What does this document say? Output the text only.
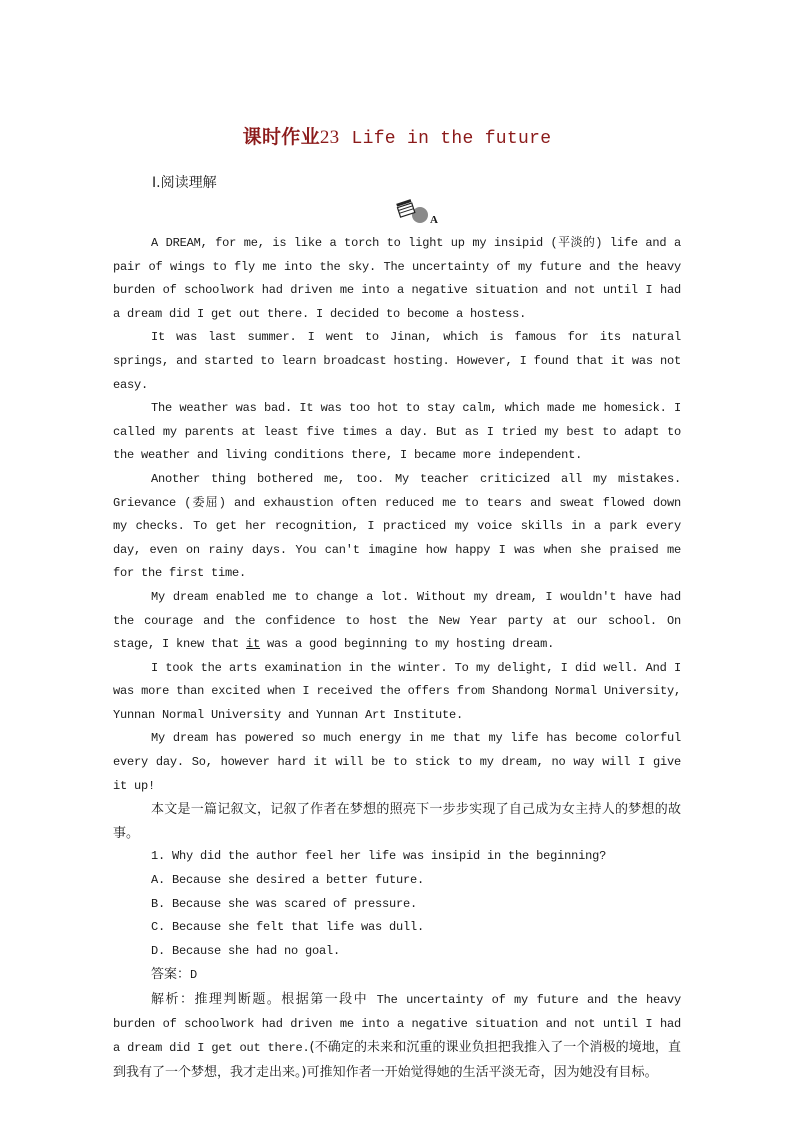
课时作业23 Life in the future
Ⅰ.阅读理解
A

A DREAM, for me, is like a torch to light up my insipid (平淡的) life and a pair of wings to fly me into the sky. The uncertainty of my future and the heavy burden of schoolwork had driven me into a negative situation and not until I had a dream did I get out there. I decided to become a hostess.

It was last summer. I went to Jinan, which is famous for its natural springs, and started to learn broadcast hosting. However, I found that it was not easy.

The weather was bad. It was too hot to stay calm, which made me homesick. I called my parents at least five times a day. But as I tried my best to adapt to the weather and living conditions there, I became more independent.

Another thing bothered me, too. My teacher criticized all my mistakes. Grievance (委屈) and exhaustion often reduced me to tears and sweat flowed down my checks. To get her recognition, I practiced my voice skills in a park every day, even on rainy days. You can't imagine how happy I was when she praised me for the first time.

My dream enabled me to change a lot. Without my dream, I wouldn't have had the courage and the confidence to host the New Year party at our school. On stage, I knew that it was a good beginning to my hosting dream.

I took the arts examination in the winter. To my delight, I did well. And I was more than excited when I received the offers from Shandong Normal University, Yunnan Normal University and Yunnan Art Institute.

My dream has powered so much energy in me that my life has become colorful every day. So, however hard it will be to stick to my dream, no way will I give it up!

本文是一篇记叙文，记叙了作者在梦想的照亮下一步步实现了自己成为女主持人的梦想的故事。

1. Why did the author feel her life was insipid in the beginning?

A. Because she desired a better future.

B. Because she was scared of pressure.

C. Because she felt that life was dull.

D. Because she had no goal.

答案：D

解析：推理判断题。根据第一段中 The uncertainty of my future and the heavy burden of schoolwork had driven me into a negative situation and not until I had a dream did I get out there.(不确定的未来和沉重的课业负担把我推入了一个消极的境地，直到我有了一个梦想，我才走出来。)可推知作者一开始觉得她的生活平淡无奇，因为她没有目标。
